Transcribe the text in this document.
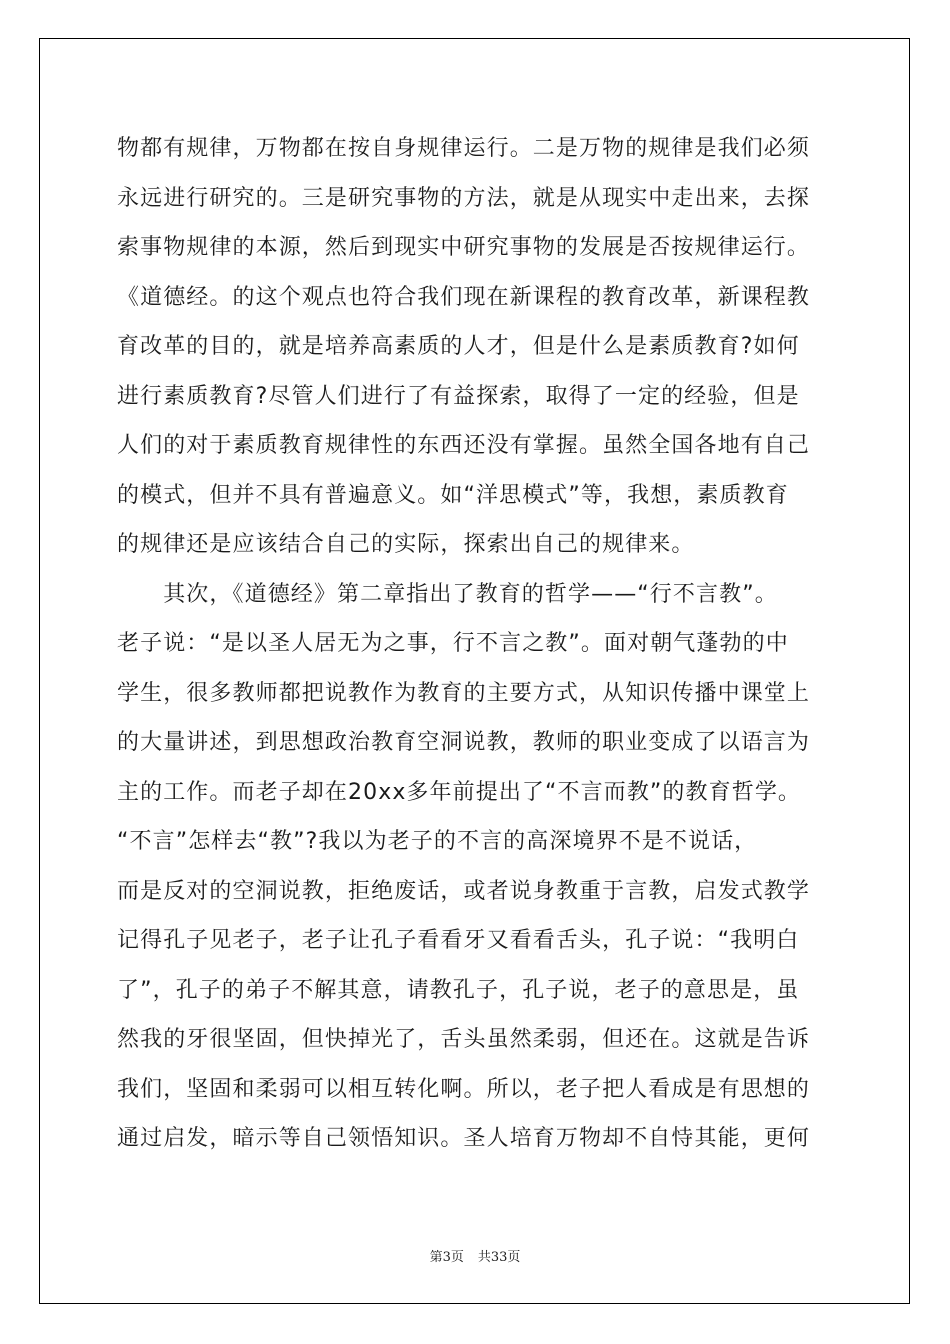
物都有规律，万物都在按自身规律运行。二是万物的规律是我们必须
永远进行研究的。三是研究事物的方法，就是从现实中走出来，去探
索事物规律的本源，然后到现实中研究事物的发展是否按规律运行。
《道德经。的这个观点也符合我们现在新课程的教育改革，新课程教
育改革的目的，就是培养高素质的人才，但是什么是素质教育?如何
进行素质教育?尽管人们进行了有益探索，取得了一定的经验，但是
人们的对于素质教育规律性的东西还没有掌握。虽然全国各地有自己
的模式，但并不具有普遍意义。如“洋思模式”等，我想，素质教育
的规律还是应该结合自己的实际，探索出自己的规律来。
　　其次，《道德经》第二章指出了教育的哲学——“行不言教”。
老子说：“是以圣人居无为之事，行不言之教”。面对朝气蓬勃的中
学生，很多教师都把说教作为教育的主要方式，从知识传播中课堂上
的大量讲述，到思想政治教育空洞说教，教师的职业变成了以语言为
主的工作。而老子却在20xx多年前提出了“不言而教”的教育哲学。
“不言”怎样去“教”?我以为老子的不言的高深境界不是不说话，
而是反对的空洞说教，拒绝废话，或者说身教重于言教，启发式教学
记得孔子见老子，老子让孔子看看牙又看看舌头，孔子说：“我明白
了”，孔子的弟子不解其意，请教孔子，孔子说，老子的意思是，虽
然我的牙很坚固，但快掉光了，舌头虽然柔弱，但还在。这就是告诉
我们，坚固和柔弱可以相互转化啊。所以，老子把人看成是有思想的
通过启发，暗示等自己领悟知识。圣人培育万物却不自恃其能，更何
第3页 共33页
